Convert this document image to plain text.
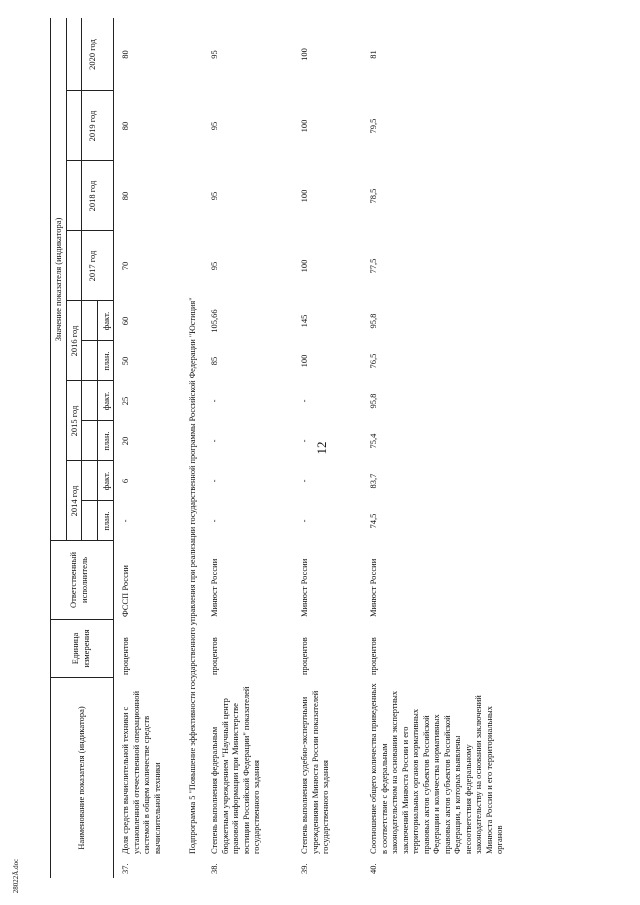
12
Наименование показателя (индикатора)
Единица измерения
Ответственный исполнитель
Значение показателя (индикатора)
2014 год
2015 год
2016 год
2017 год
2018 год
2019 год
2020 год
план.
факт.
план.
факт.
план.
факт.
37.
Доля средств вычислительной техники с установленной отечественной операционной системой в общем количестве средств вычислительной техники
процентов
ФССП России
-
6
20
25
50
60
70
80
80
80
Подпрограмма 5 "Повышение эффективности государственного управления при реализации государственной программы Российской Федерации "Юстиция"
38.
Степень выполнения федеральным бюджетным учреждением "Научный центр правовой информации при Министерстве юстиции Российской Федерации" показателей государственного задания
процентов
Минюст России
-
-
-
-
85
105,66
95
95
95
95
39.
Степень выполнения судебно-экспертными учреждениями Минюста России показателей государственного задания
процентов
Минюст России
-
-
-
-
100
145
100
100
100
100
40.
Соотношение общего количества приведенных в соответствие с федеральным законодательством на основании экспертных заключений Минюста России и его территориальных органов нормативных правовых актов субъектов Российской Федерации и количества нормативных правовых актов субъектов Российской Федерации, в которых выявлены несоответствия федеральному законодательству на основании заключений Минюста России и его территориальных органов
процентов
Минюст России
74,5
83,7
75,4
95,8
76,5
95,8
77,5
78,5
79,5
81
28022Ā.doc
